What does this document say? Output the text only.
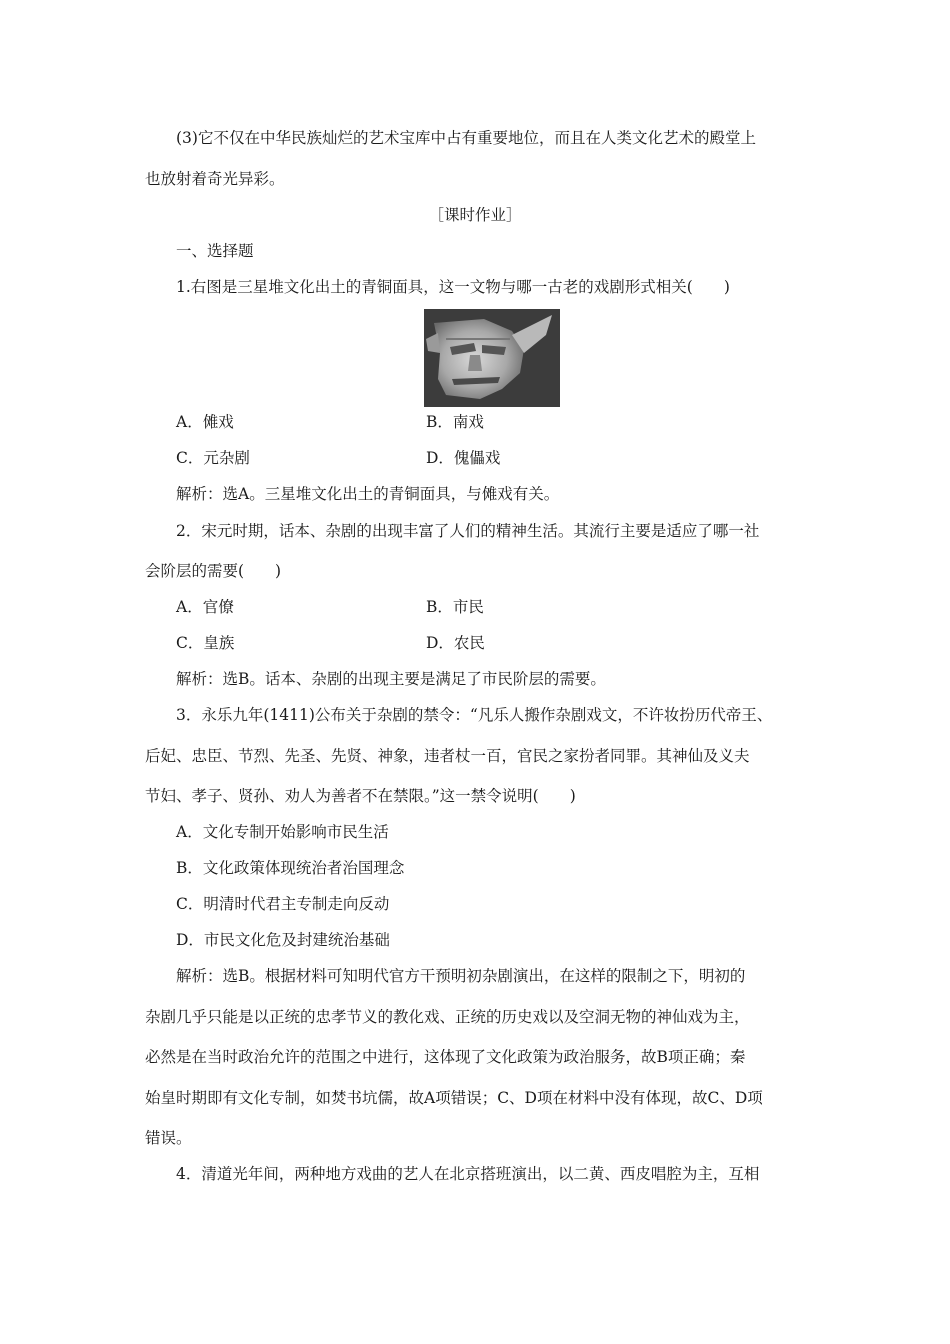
(3)它不仅在中华民族灿烂的艺术宝库中占有重要地位，而且在人类文化艺术的殿堂上
也放射着奇光异彩。
［课时作业］
一、选择题
1.右图是三星堆文化出土的青铜面具，这一文物与哪一古老的戏剧形式相关(　　)
A．傩戏	B．南戏
C．元杂剧	D．傀儡戏
解析：选A。三星堆文化出土的青铜面具，与傩戏有关。
2．宋元时期，话本、杂剧的出现丰富了人们的精神生活。其流行主要是适应了哪一社
会阶层的需要(　　)
A．官僚	B．市民
C．皇族	D．农民
解析：选B。话本、杂剧的出现主要是满足了市民阶层的需要。
3．永乐九年(1411)公布关于杂剧的禁令：“凡乐人搬作杂剧戏文，不许妆扮历代帝王、
后妃、忠臣、节烈、先圣、先贤、神象，违者杖一百，官民之家扮者同罪。其神仙及义夫
节妇、孝子、贤孙、劝人为善者不在禁限。”这一禁令说明(　　)
A．文化专制开始影响市民生活
B．文化政策体现统治者治国理念
C．明清时代君主专制走向反动
D．市民文化危及封建统治基础
解析：选B。根据材料可知明代官方干预明初杂剧演出，在这样的限制之下，明初的
杂剧几乎只能是以正统的忠孝节义的教化戏、正统的历史戏以及空洞无物的神仙戏为主，
必然是在当时政治允许的范围之中进行，这体现了文化政策为政治服务，故B项正确；秦
始皇时期即有文化专制，如焚书坑儒，故A项错误；C、D项在材料中没有体现，故C、D项
错误。
4．清道光年间，两种地方戏曲的艺人在北京搭班演出，以二黄、西皮唱腔为主，互相
